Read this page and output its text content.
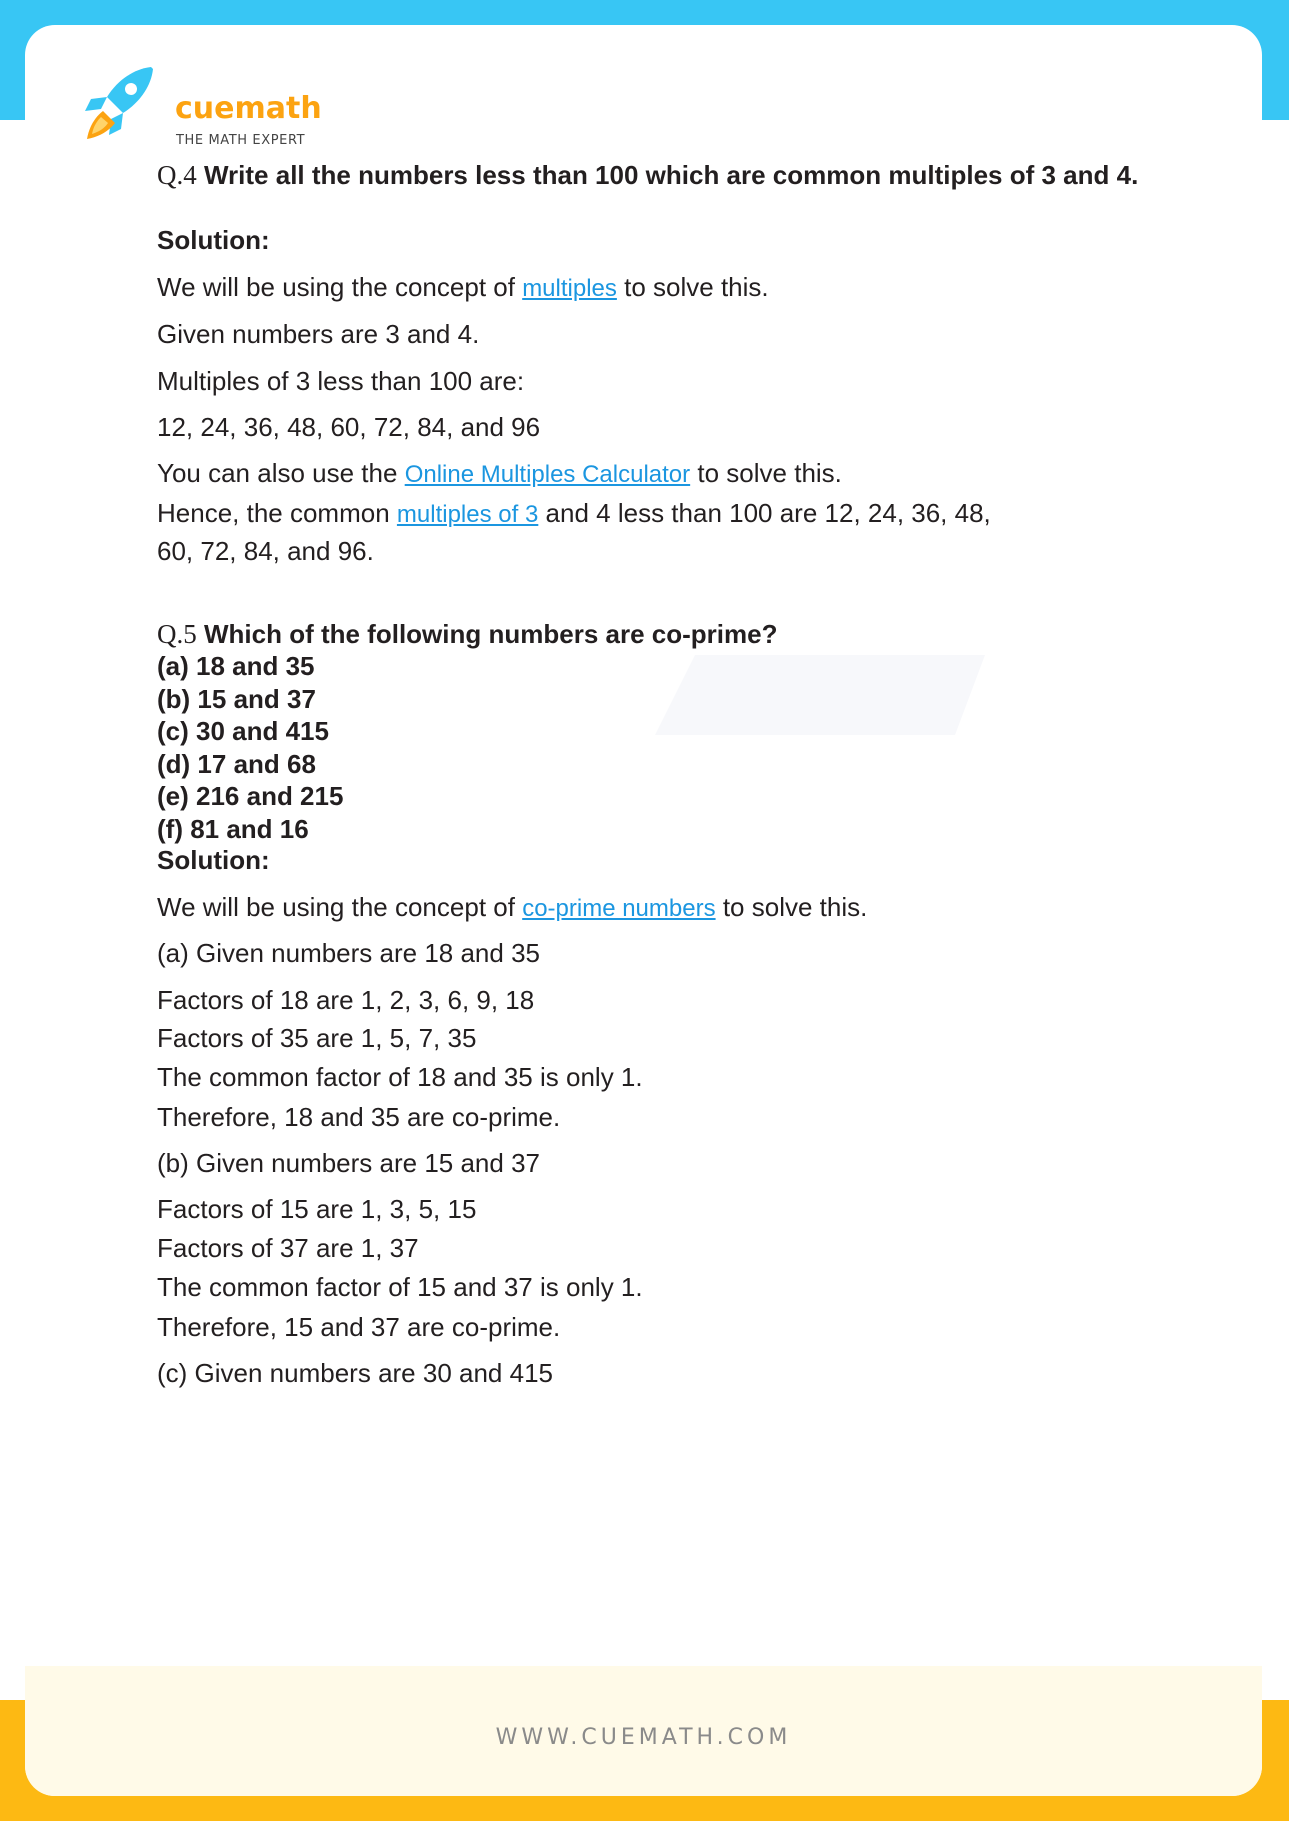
cuemath
THE MATH EXPERT
Q.4 Write all the numbers less than 100 which are common multiples of 3 and 4.
Solution:
We will be using the concept of multiples to solve this.
Given numbers are 3 and 4.
Multiples of 3 less than 100 are:
12, 24, 36, 48, 60, 72, 84, and 96
You can also use the Online Multiples Calculator to solve this.
Hence, the common multiples of 3 and 4 less than 100 are 12, 24, 36, 48,
60, 72, 84, and 96.
Q.5 Which of the following numbers are co-prime?
(a) 18 and 35
(b) 15 and 37
(c) 30 and 415
(d) 17 and 68
(e) 216 and 215
(f) 81 and 16
Solution:
We will be using the concept of co-prime numbers to solve this.
(a) Given numbers are 18 and 35
Factors of 18 are 1, 2, 3, 6, 9, 18
Factors of 35 are 1, 5, 7, 35
The common factor of 18 and 35 is only 1.
Therefore, 18 and 35 are co-prime.
(b) Given numbers are 15 and 37
Factors of 15 are 1, 3, 5, 15
Factors of 37 are 1, 37
The common factor of 15 and 37 is only 1.
Therefore, 15 and 37 are co-prime.
(c) Given numbers are 30 and 415
WWW.CUEMATH.COM
